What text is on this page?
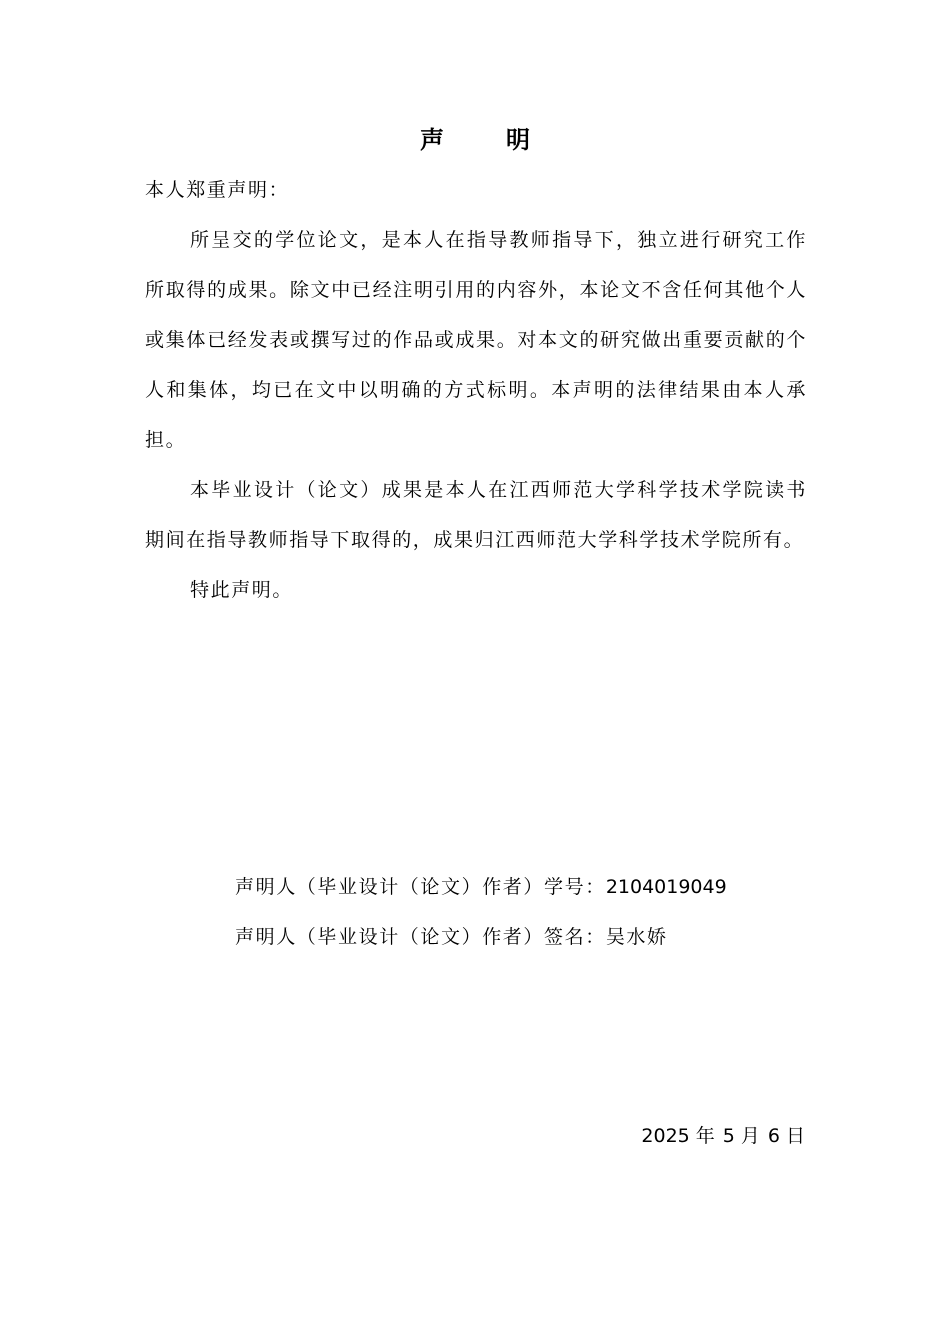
声明
本人郑重声明：

所呈交的学位论文，是本人在指导教师指导下，独立进行研究工作所取得的成果。除文中已经注明引用的内容外，本论文不含任何其他个人或集体已经发表或撰写过的作品或成果。对本文的研究做出重要贡献的个人和集体，均已在文中以明确的方式标明。本声明的法律结果由本人承担。

本毕业设计（论文）成果是本人在江西师范大学科学技术学院读书期间在指导教师指导下取得的，成果归江西师范大学科学技术学院所有。

特此声明。

声明人（毕业设计（论文）作者）学号：2104019049
声明人（毕业设计（论文）作者）签名：吴水娇
2025 年 5 月 6 日
